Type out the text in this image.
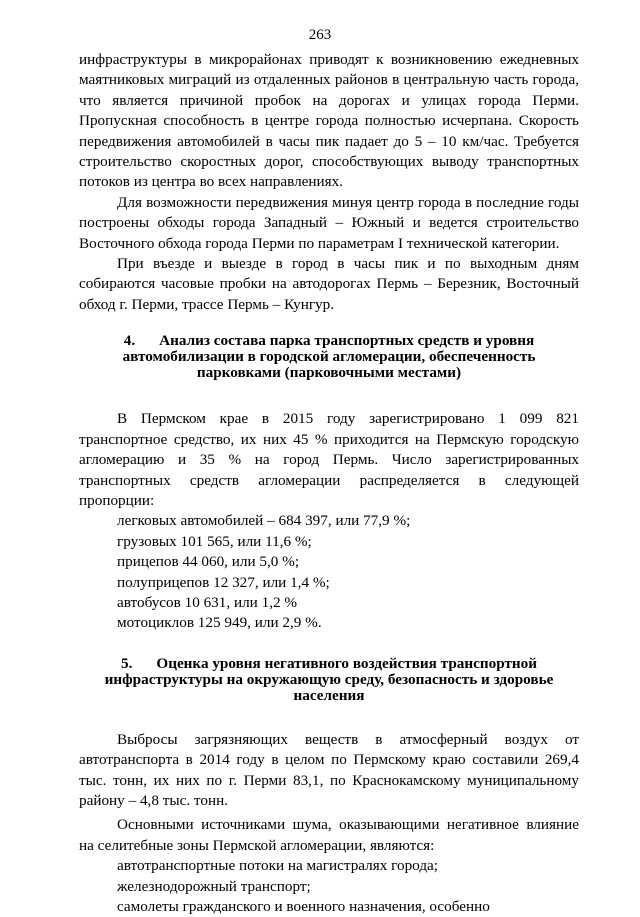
263

инфраструктуры в микрорайонах приводят к возникновению ежедневных маятниковых миграций из отдаленных районов в центральную часть города, что является причиной пробок на дорогах и улицах города Перми. Пропускная способность в центре города полностью исчерпана. Скорость передвижения автомобилей в часы пик падает до 5 – 10 км/час. Требуется строительство скоростных дорог, способствующих выводу транспортных потоков из центра во всех направлениях.

Для возможности передвижения минуя центр города в последние годы построены обходы города Западный – Южный и ведется строительство Восточного обхода города Перми по параметрам I технической категории.

При въезде и выезде в город в часы пик и по выходным дням собираются часовые пробки на автодорогах Пермь – Березник, Восточный обход г. Перми, трассе Пермь – Кунгур.

4. Анализ состава парка транспортных средств и уровня автомобилизации в городской агломерации, обеспеченность парковками (парковочными местами)

В Пермском крае в 2015 году зарегистрировано 1 099 821 транспортное средство, их них 45 % приходится на Пермскую городскую агломерацию и 35 % на город Пермь. Число зарегистрированных транспортных средств агломерации распределяется в следующей пропорции:

легковых автомобилей – 684 397, или 77,9 %;
грузовых 101 565, или 11,6 %;
прицепов 44 060, или 5,0 %;
полуприцепов 12 327, или 1,4 %;
автобусов 10 631, или 1,2 %
мотоциклов 125 949, или 2,9 %.
5. Оценка уровня негативного воздействия транспортной инфраструктуры на окружающую среду, безопасность и здоровье населения

Выбросы загрязняющих веществ в атмосферный воздух от автотранспорта в 2014 году в целом по Пермскому краю составили 269,4 тыс. тонн, их них по г. Перми 83,1, по Краснокамскому муниципальному району – 4,8 тыс. тонн.

Основными источниками шума, оказывающими негативное влияние на селитебные зоны Пермской агломерации, являются:

автотранспортные потоки на магистралях города;
железнодорожный транспорт;
самолеты гражданского и военного назначения, особенно
